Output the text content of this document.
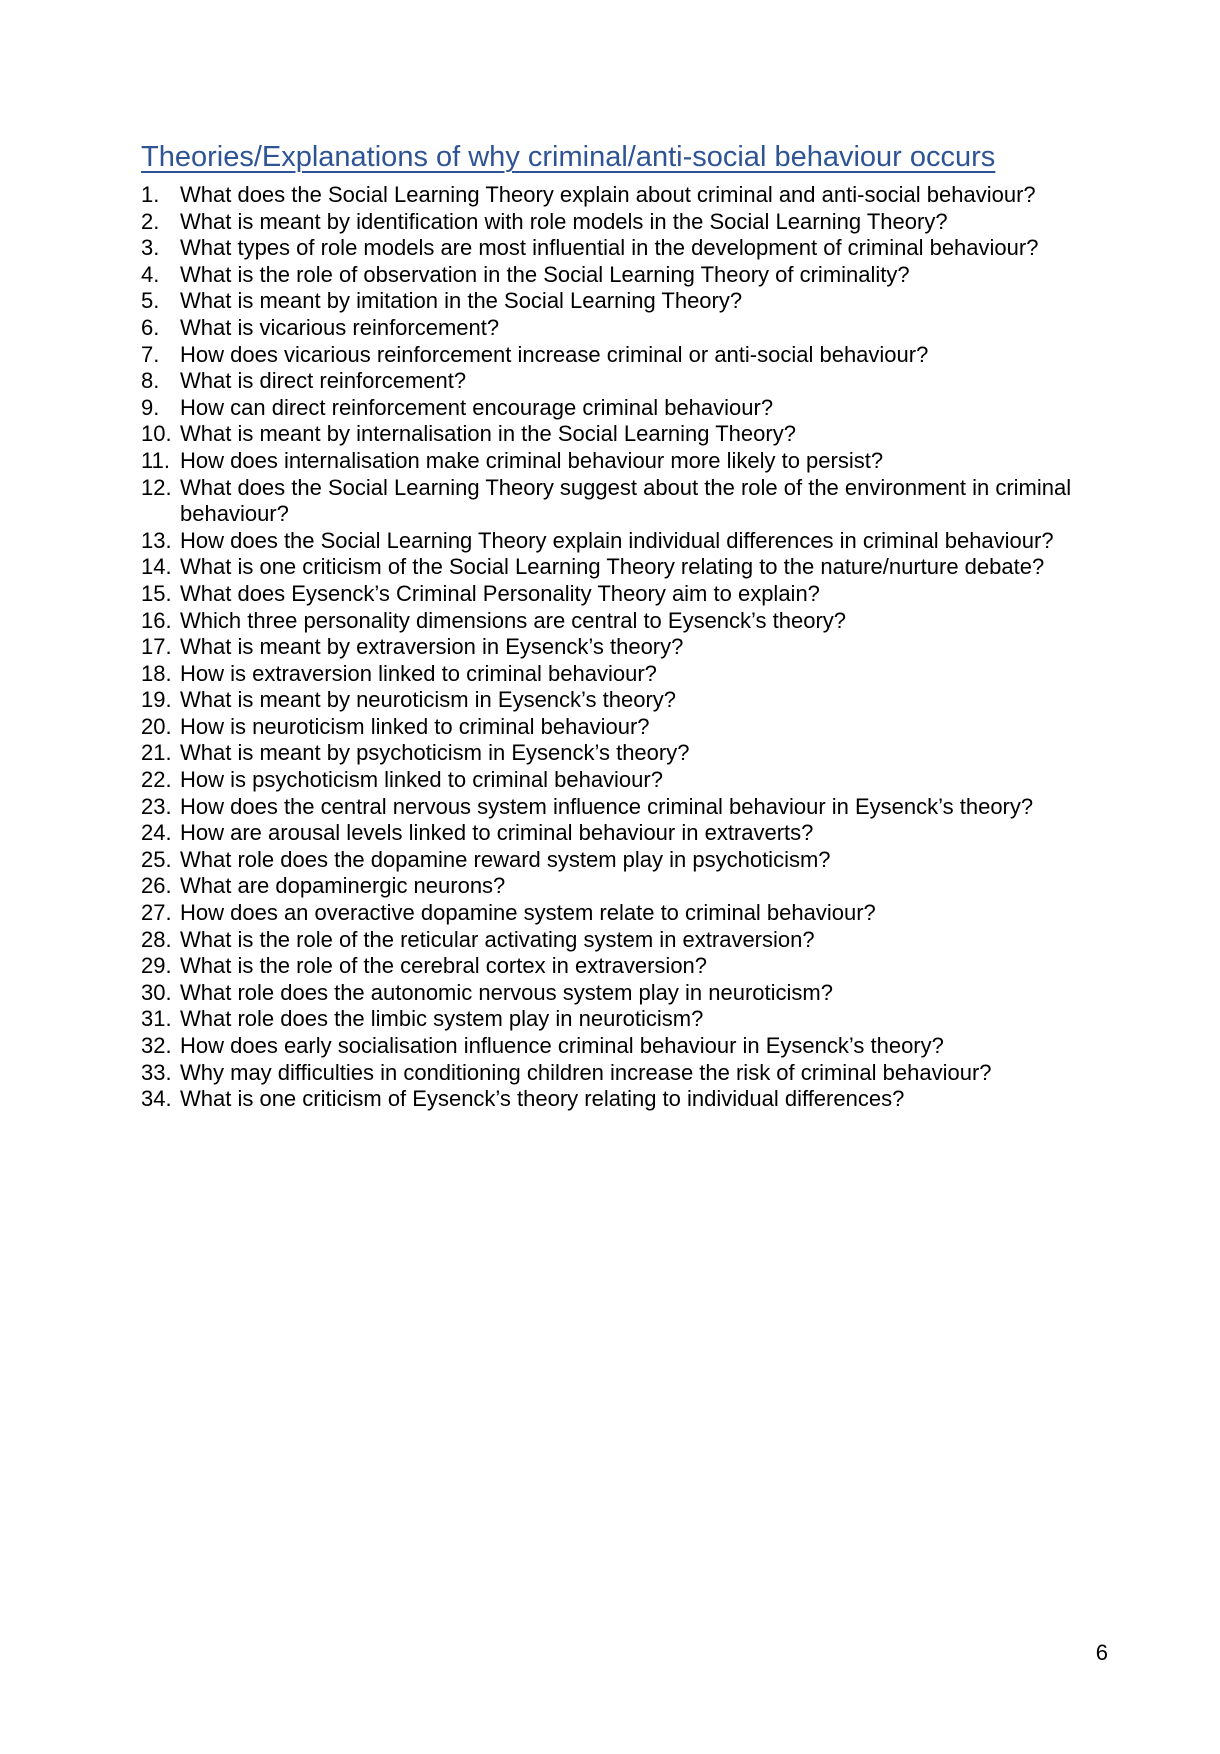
Theories/Explanations of why criminal/anti-social behaviour occurs
1. What does the Social Learning Theory explain about criminal and anti-social behaviour?
2. What is meant by identification with role models in the Social Learning Theory?
3. What types of role models are most influential in the development of criminal behaviour?
4. What is the role of observation in the Social Learning Theory of criminality?
5. What is meant by imitation in the Social Learning Theory?
6. What is vicarious reinforcement?
7. How does vicarious reinforcement increase criminal or anti-social behaviour?
8. What is direct reinforcement?
9. How can direct reinforcement encourage criminal behaviour?
10. What is meant by internalisation in the Social Learning Theory?
11. How does internalisation make criminal behaviour more likely to persist?
12. What does the Social Learning Theory suggest about the role of the environment in criminal behaviour?
13. How does the Social Learning Theory explain individual differences in criminal behaviour?
14. What is one criticism of the Social Learning Theory relating to the nature/nurture debate?
15. What does Eysenck’s Criminal Personality Theory aim to explain?
16. Which three personality dimensions are central to Eysenck’s theory?
17. What is meant by extraversion in Eysenck’s theory?
18. How is extraversion linked to criminal behaviour?
19. What is meant by neuroticism in Eysenck’s theory?
20. How is neuroticism linked to criminal behaviour?
21. What is meant by psychoticism in Eysenck’s theory?
22. How is psychoticism linked to criminal behaviour?
23. How does the central nervous system influence criminal behaviour in Eysenck’s theory?
24. How are arousal levels linked to criminal behaviour in extraverts?
25. What role does the dopamine reward system play in psychoticism?
26. What are dopaminergic neurons?
27. How does an overactive dopamine system relate to criminal behaviour?
28. What is the role of the reticular activating system in extraversion?
29. What is the role of the cerebral cortex in extraversion?
30. What role does the autonomic nervous system play in neuroticism?
31. What role does the limbic system play in neuroticism?
32. How does early socialisation influence criminal behaviour in Eysenck’s theory?
33. Why may difficulties in conditioning children increase the risk of criminal behaviour?
34. What is one criticism of Eysenck’s theory relating to individual differences?
6
